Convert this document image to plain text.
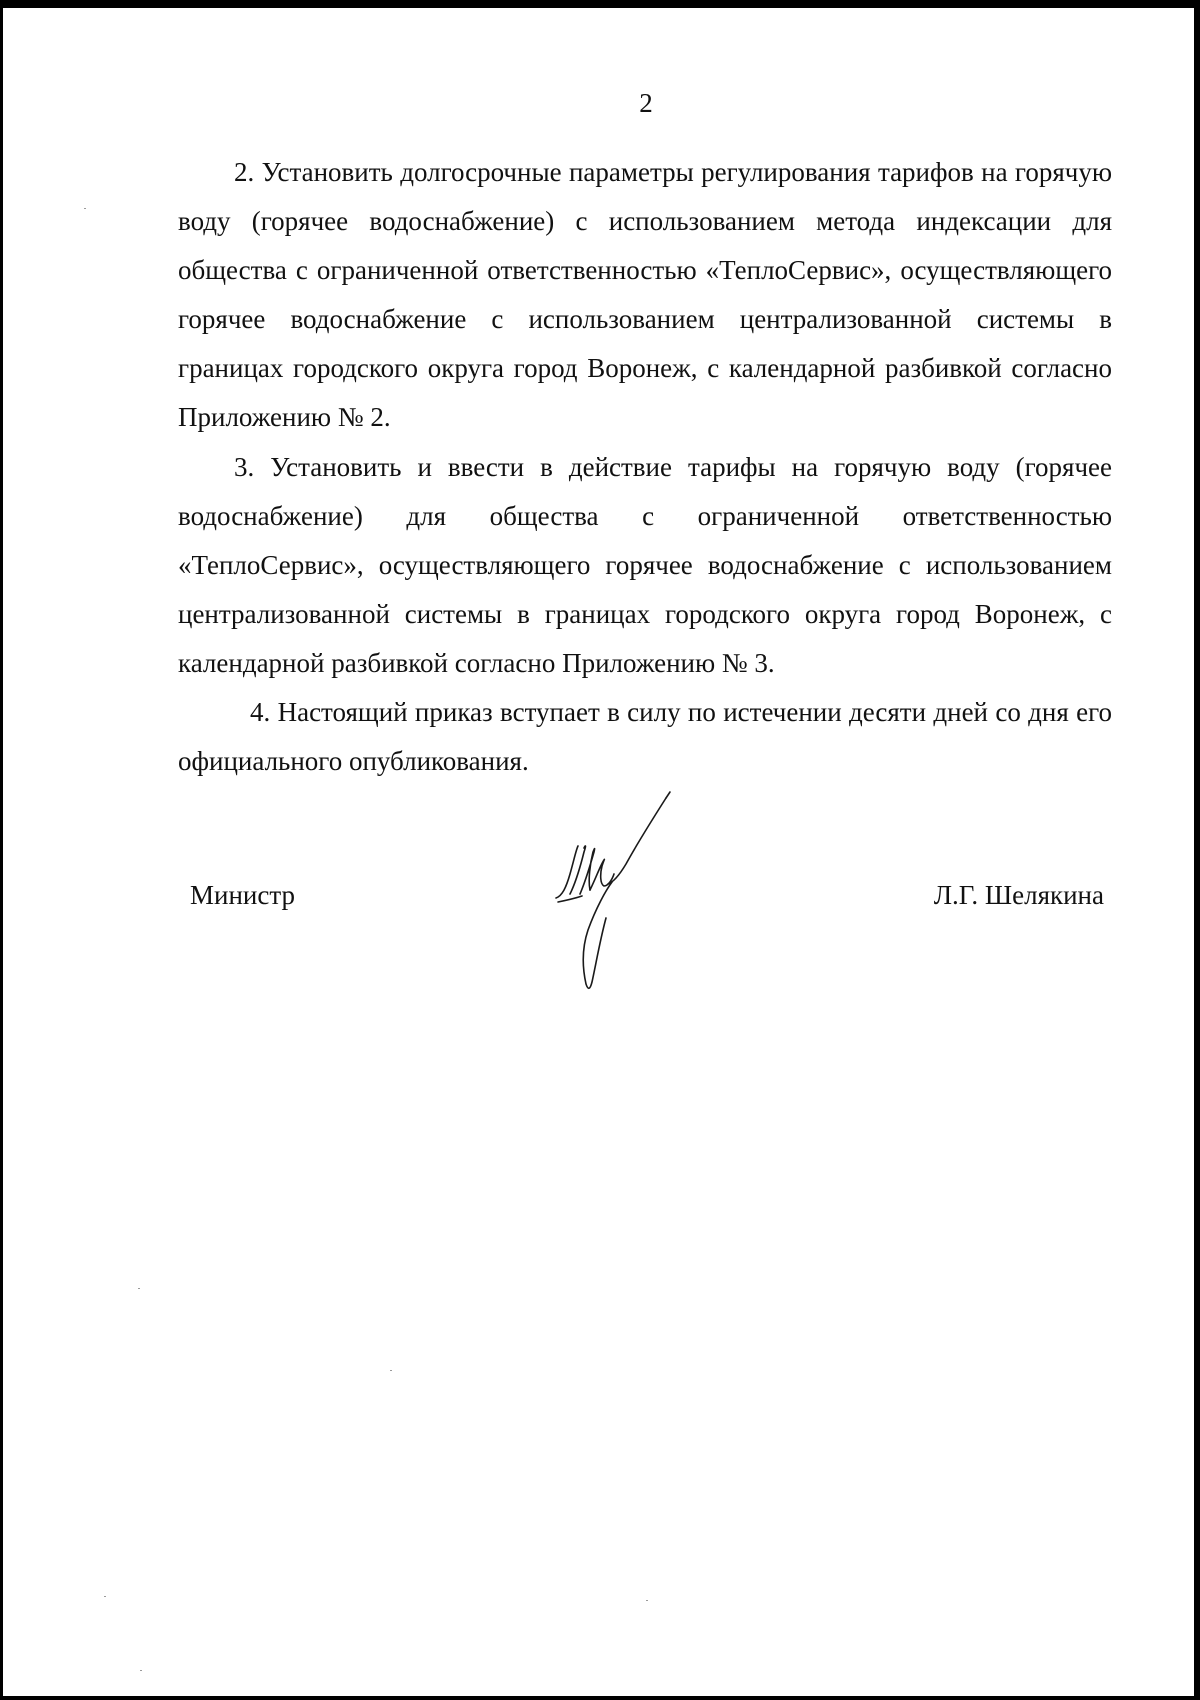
2

2. Установить долгосрочные параметры регулирования тарифов на горячую воду (горячее водоснабжение) с использованием метода индексации для общества с ограниченной ответственностью «ТеплоСервис», осуществляющего горячее водоснабжение с использованием централизованной системы в границах городского округа город Воронеж, с календарной разбивкой согласно Приложению № 2.

3. Установить и ввести в действие тарифы на горячую воду (горячее водоснабжение) для общества с ограниченной ответственностью «ТеплоСервис», осуществляющего горячее водоснабжение с использованием централизованной системы в границах городского округа город Воронеж, с календарной разбивкой согласно Приложению № 3.

4. Настоящий приказ вступает в силу по истечении десяти дней со дня его официального опубликования.

Министр	Л.Г. Шелякина
